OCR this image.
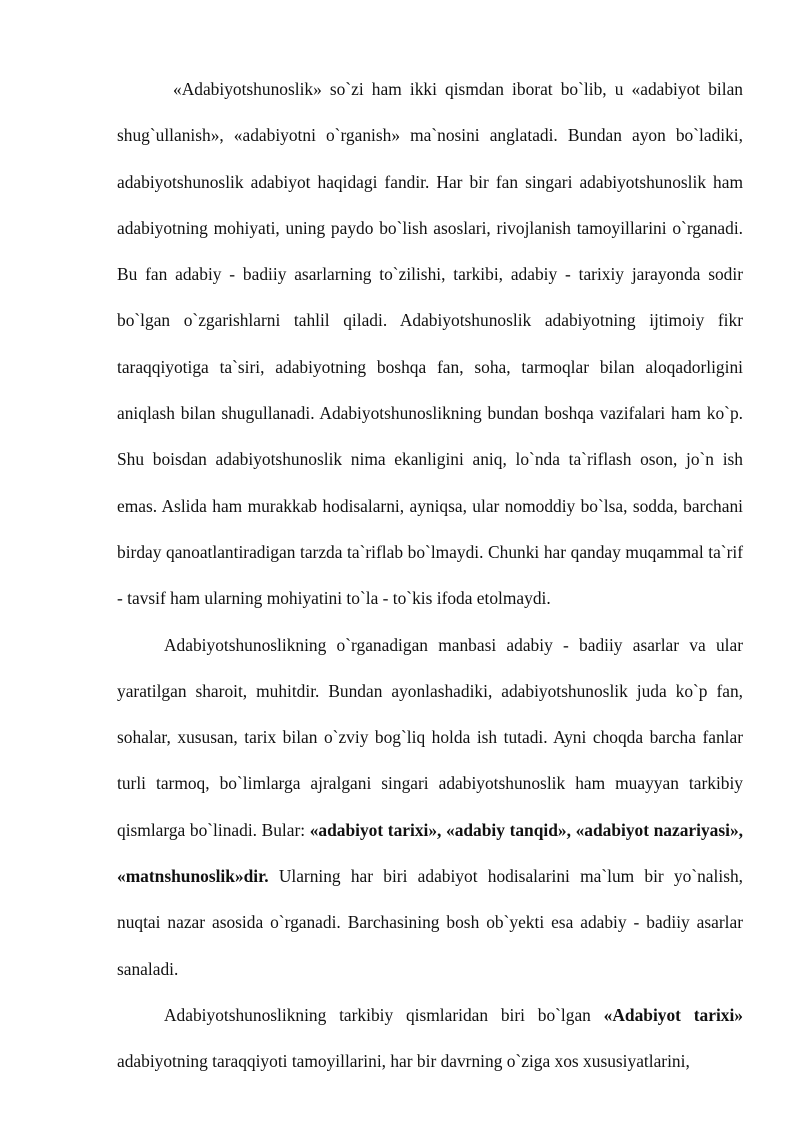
«Adabiyotshunoslik» so`zi ham ikki qismdan iborat bo`lib, u «adabiyot bilan shug`ullanish», «adabiyotni o`rganish» ma`nosini anglatadi. Bundan ayon bo`ladiki, adabiyotshunoslik adabiyot haqidagi fandir. Har bir fan singari adabiyotshunoslik ham adabiyotning mohiyati, uning paydo bo`lish asoslari, rivojlanish tamoyillarini o`rganadi. Bu fan adabiy - badiiy asarlarning to`zilishi, tarkibi, adabiy - tarixiy jarayonda sodir bo`lgan o`zgarishlarni tahlil qiladi. Adabiyotshunoslik adabiyotning ijtimoiy fikr taraqqiyotiga ta`siri, adabiyotning boshqa fan, soha, tarmoqlar bilan aloqadorligini aniqlash bilan shugullanadi. Adabiyotshunoslikning bundan boshqa vazifalari ham ko`p. Shu boisdan adabiyotshunoslik nima ekanligini aniq, lo`nda ta`riflash oson, jo`n ish emas. Aslida ham murakkab hodisalarni, ayniqsa, ular nomoddiy bo`lsa, sodda, barchani birday qanoatlantiradigan tarzda ta`riflab bo`lmaydi. Chunki har qanday muqammal ta`rif - tavsif ham ularning mohiyatini to`la - to`kis ifoda etolmaydi.

Adabiyotshunoslikning o`rganadigan manbasi adabiy - badiiy asarlar va ular yaratilgan sharoit, muhitdir. Bundan ayonlashadiki, adabiyotshunoslik juda ko`p fan, sohalar, xususan, tarix bilan o`zviy bog`liq holda ish tutadi. Ayni choqda barcha fanlar turli tarmoq, bo`limlarga ajralgani singari adabiyotshunoslik ham muayyan tarkibiy qismlarga bo`linadi. Bular: «adabiyot tarixi», «adabiy tanqid», «adabiyot nazariyasi», «matnshunoslik»dir. Ularning har biri adabiyot hodisalarini ma`lum bir yo`nalish, nuqtai nazar asosida o`rganadi. Barchasining bosh ob`yekti esa adabiy - badiiy asarlar sanaladi.

Adabiyotshunoslikning tarkibiy qismlaridan biri bo`lgan «Adabiyot tarixi» adabiyotning taraqqiyoti tamoyillarini, har bir davrning o`ziga xos xususiyatlarini,
